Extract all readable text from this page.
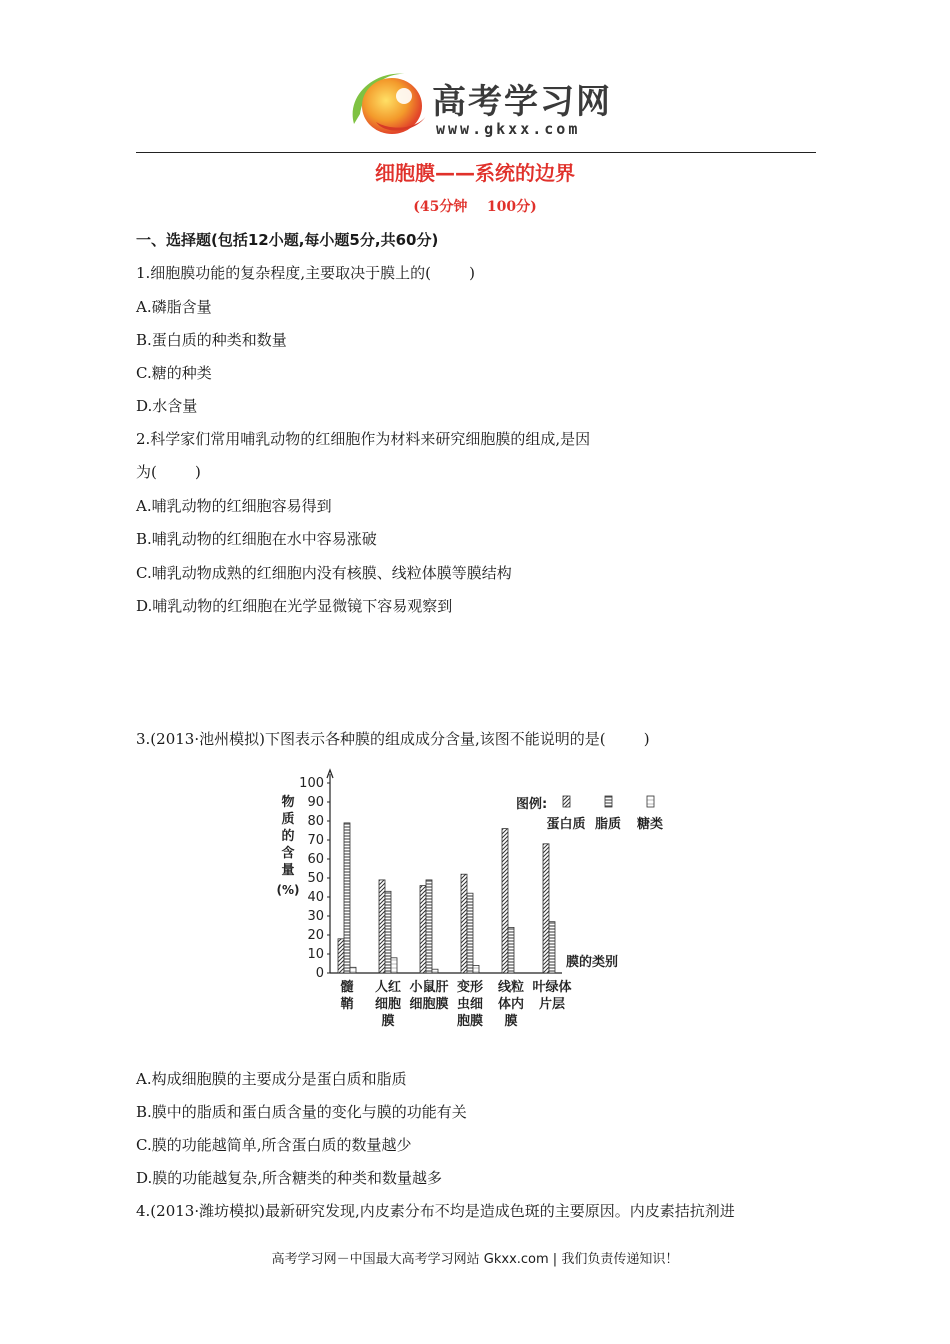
高考学习网
www.gkxx.com
细胞膜——系统的边界
(45分钟    100分)
一、选择题(包括12小题,每小题5分,共60分)
1.细胞膜功能的复杂程度,主要取决于膜上的(        )
A.磷脂含量
B.蛋白质的种类和数量
C.糖的种类
D.水含量
2.科学家们常用哺乳动物的红细胞作为材料来研究细胞膜的组成,是因
为(        )
A.哺乳动物的红细胞容易得到
B.哺乳动物的红细胞在水中容易涨破
C.哺乳动物成熟的红细胞内没有核膜、线粒体膜等膜结构
D.哺乳动物的红细胞在光学显微镜下容易观察到
3.(2013·池州模拟)下图表示各种膜的组成成分含量,该图不能说明的是(        )
0
10
20
30
40
50
60
70
80
90
100
物
质
的
含
量
(%)
膜的类别
髓
鞘
人红
细胞
膜
小鼠肝
细胞膜
变形
虫细
胞膜
线粒
体内
膜
叶绿体
片层
图例:
蛋白质 脂质 糖类
A.构成细胞膜的主要成分是蛋白质和脂质
B.膜中的脂质和蛋白质含量的变化与膜的功能有关
C.膜的功能越简单,所含蛋白质的数量越少
D.膜的功能越复杂,所含糖类的种类和数量越多
4.(2013·潍坊模拟)最新研究发现,内皮素分布不均是造成色斑的主要原因。内皮素拮抗剂进
高考学习网－中国最大高考学习网站 Gkxx.com | 我们负责传递知识！
